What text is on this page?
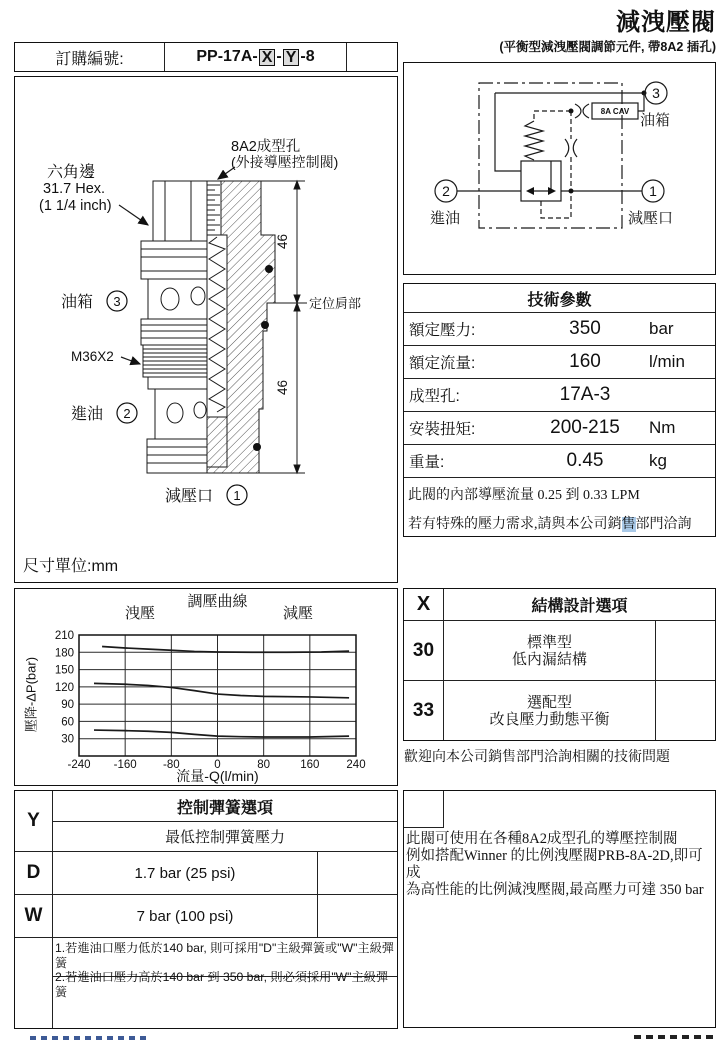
減洩壓閥
(平衡型減洩壓閥調節元件, 帶8A2 插孔)
訂購編號:	PP-17A- X - Y -8
8A2成型孔
(外接導壓控制閥)
六角邊
31.7 Hex.
(1 1/4 inch)
油箱 3
M36X2
進油 2
減壓口 1
46
46
定位肩部
尺寸單位:mm
30
60
90
120
150
180
210
-240 -160 -80	0	80	160 240
調壓曲線
洩壓	減壓
壓降-ΔP(bar)
流量-Q(l/min)
Y
控制彈簧選項
最低控制彈簧壓力
D	1.7 bar (25 psi)
W	7 bar (100 psi)
1.若進油口壓力低於140 bar, 則可採用"D"主級彈簧或"W"主級彈簧
2.若進油口壓力高於140 bar 到 350 bar, 則必須採用"W"主級彈簧
3
2	1
油箱
進油	減壓口
8A CAV
技術參數
額定壓力:	350	bar
額定流量:	160	l/min
成型孔:	17A-3
安裝扭矩:	200-215	Nm
重量:	0.45	kg
此閥的內部導壓流量 0.25 到 0.33 LPM
若有特殊的壓力需求,請與本公司銷售部門洽詢
X	結構設計選項
30	標準型
低內漏結構
33	選配型
改良壓力動態平衡
歡迎向本公司銷售部門洽詢相關的技術問題
此閥可使用在各種8A2成型孔的導壓控制閥
例如搭配Winner 的比例洩壓閥PRB-8A-2D,即可成
為高性能的比例減洩壓閥,最高壓力可達 350 bar
